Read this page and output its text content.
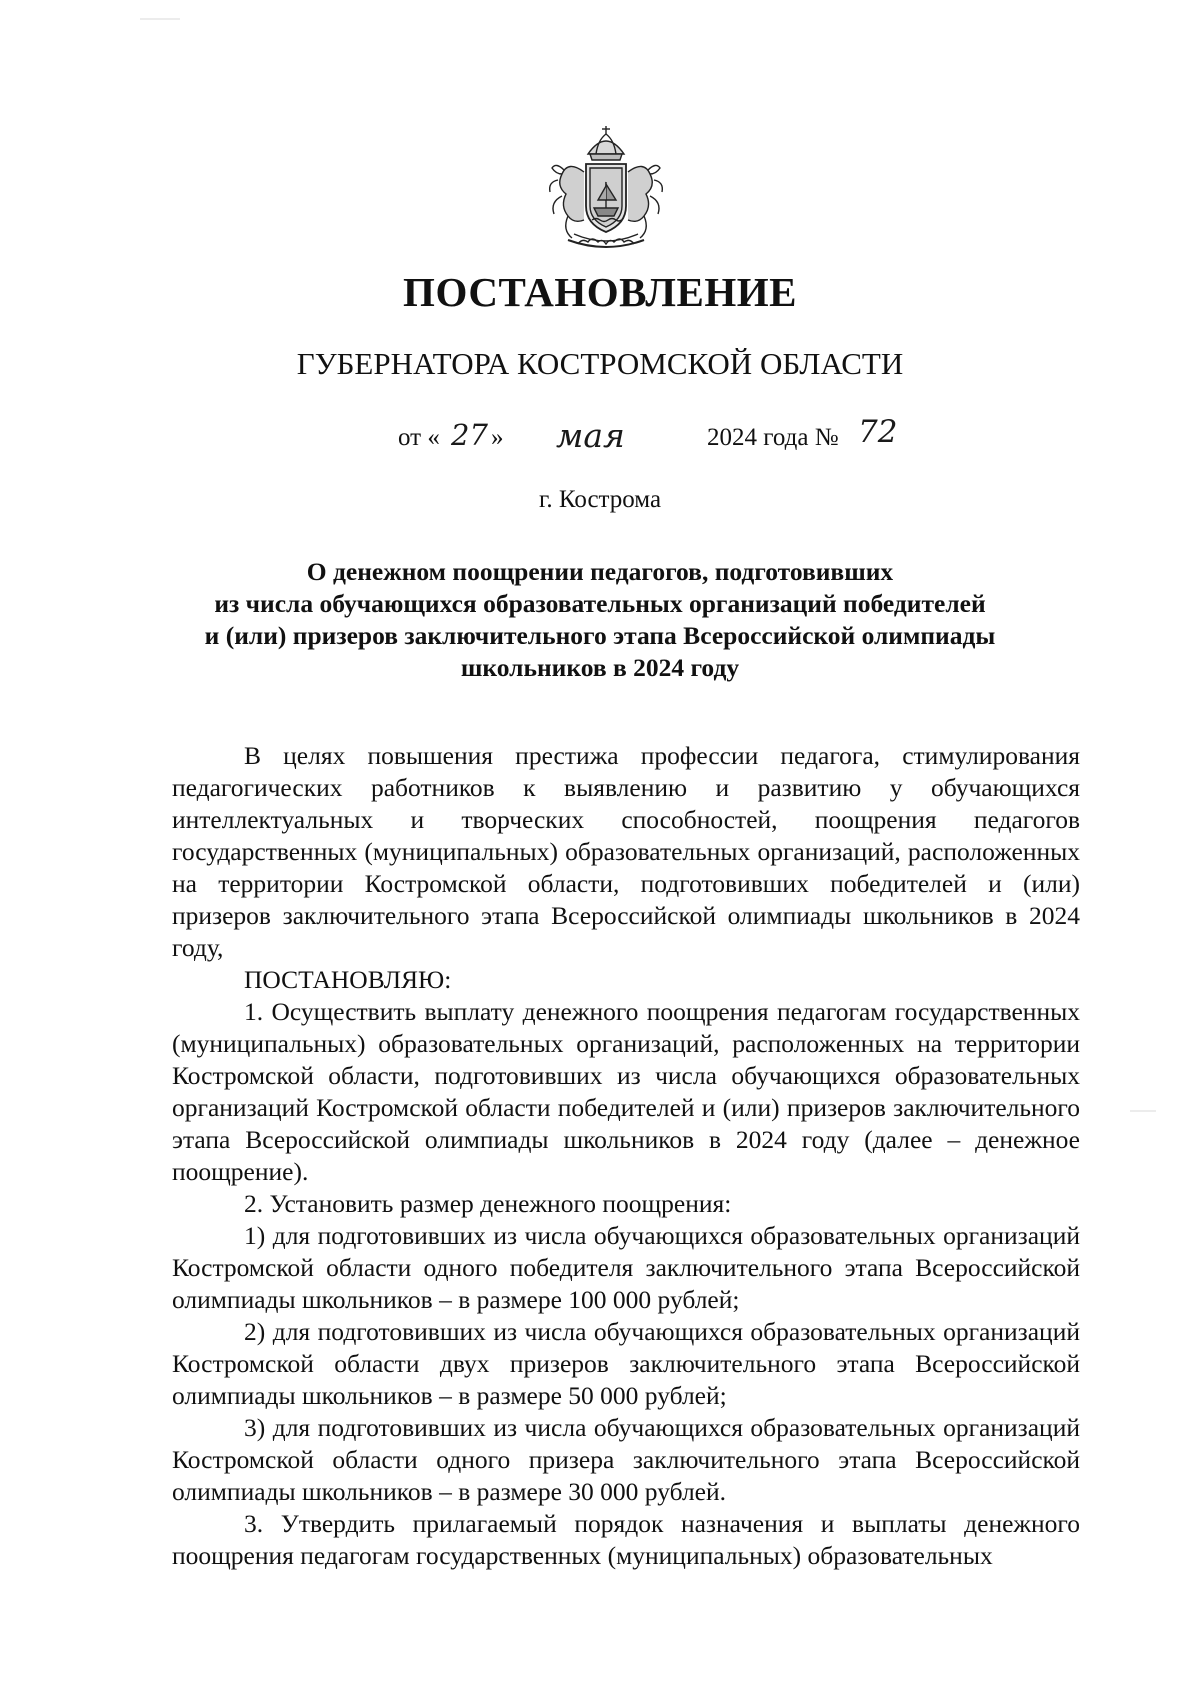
ПОСТАНОВЛЕНИЕ
ГУБЕРНАТОРА КОСТРОМСКОЙ ОБЛАСТИ
от « 27 » мая	2024 года № 72
г. Кострома
О денежном поощрении педагогов, подготовивших
из числа обучающихся образовательных организаций победителей
и (или) призеров заключительного этапа Всероссийской олимпиады
школьников в 2024 году

В целях повышения престижа профессии педагога, стимулирования педагогических работников к выявлению и развитию у обучающихся интеллектуальных и творческих способностей, поощрения педагогов государственных (муниципальных) образовательных организаций, расположенных на территории Костромской области, подготовивших победителей и (или) призеров заключительного этапа Всероссийской олимпиады школьников в 2024 году,

ПОСТАНОВЛЯЮ:

1. Осуществить выплату денежного поощрения педагогам государственных (муниципальных) образовательных организаций, расположенных на территории Костромской области, подготовивших из числа обучающихся образовательных организаций Костромской области победителей и (или) призеров заключительного этапа Всероссийской олимпиады школьников в 2024 году (далее – денежное поощрение).

2. Установить размер денежного поощрения:

1) для подготовивших из числа обучающихся образовательных организаций Костромской области одного победителя заключительного этапа Всероссийской олимпиады школьников – в размере 100 000 рублей;

2) для подготовивших из числа обучающихся образовательных организаций Костромской области двух призеров заключительного этапа Всероссийской олимпиады школьников – в размере 50 000 рублей;

3) для подготовивших из числа обучающихся образовательных организаций Костромской области одного призера заключительного этапа Всероссийской олимпиады школьников – в размере 30 000 рублей.

3. Утвердить прилагаемый порядок назначения и выплаты денежного поощрения педагогам государственных (муниципальных) образовательных
